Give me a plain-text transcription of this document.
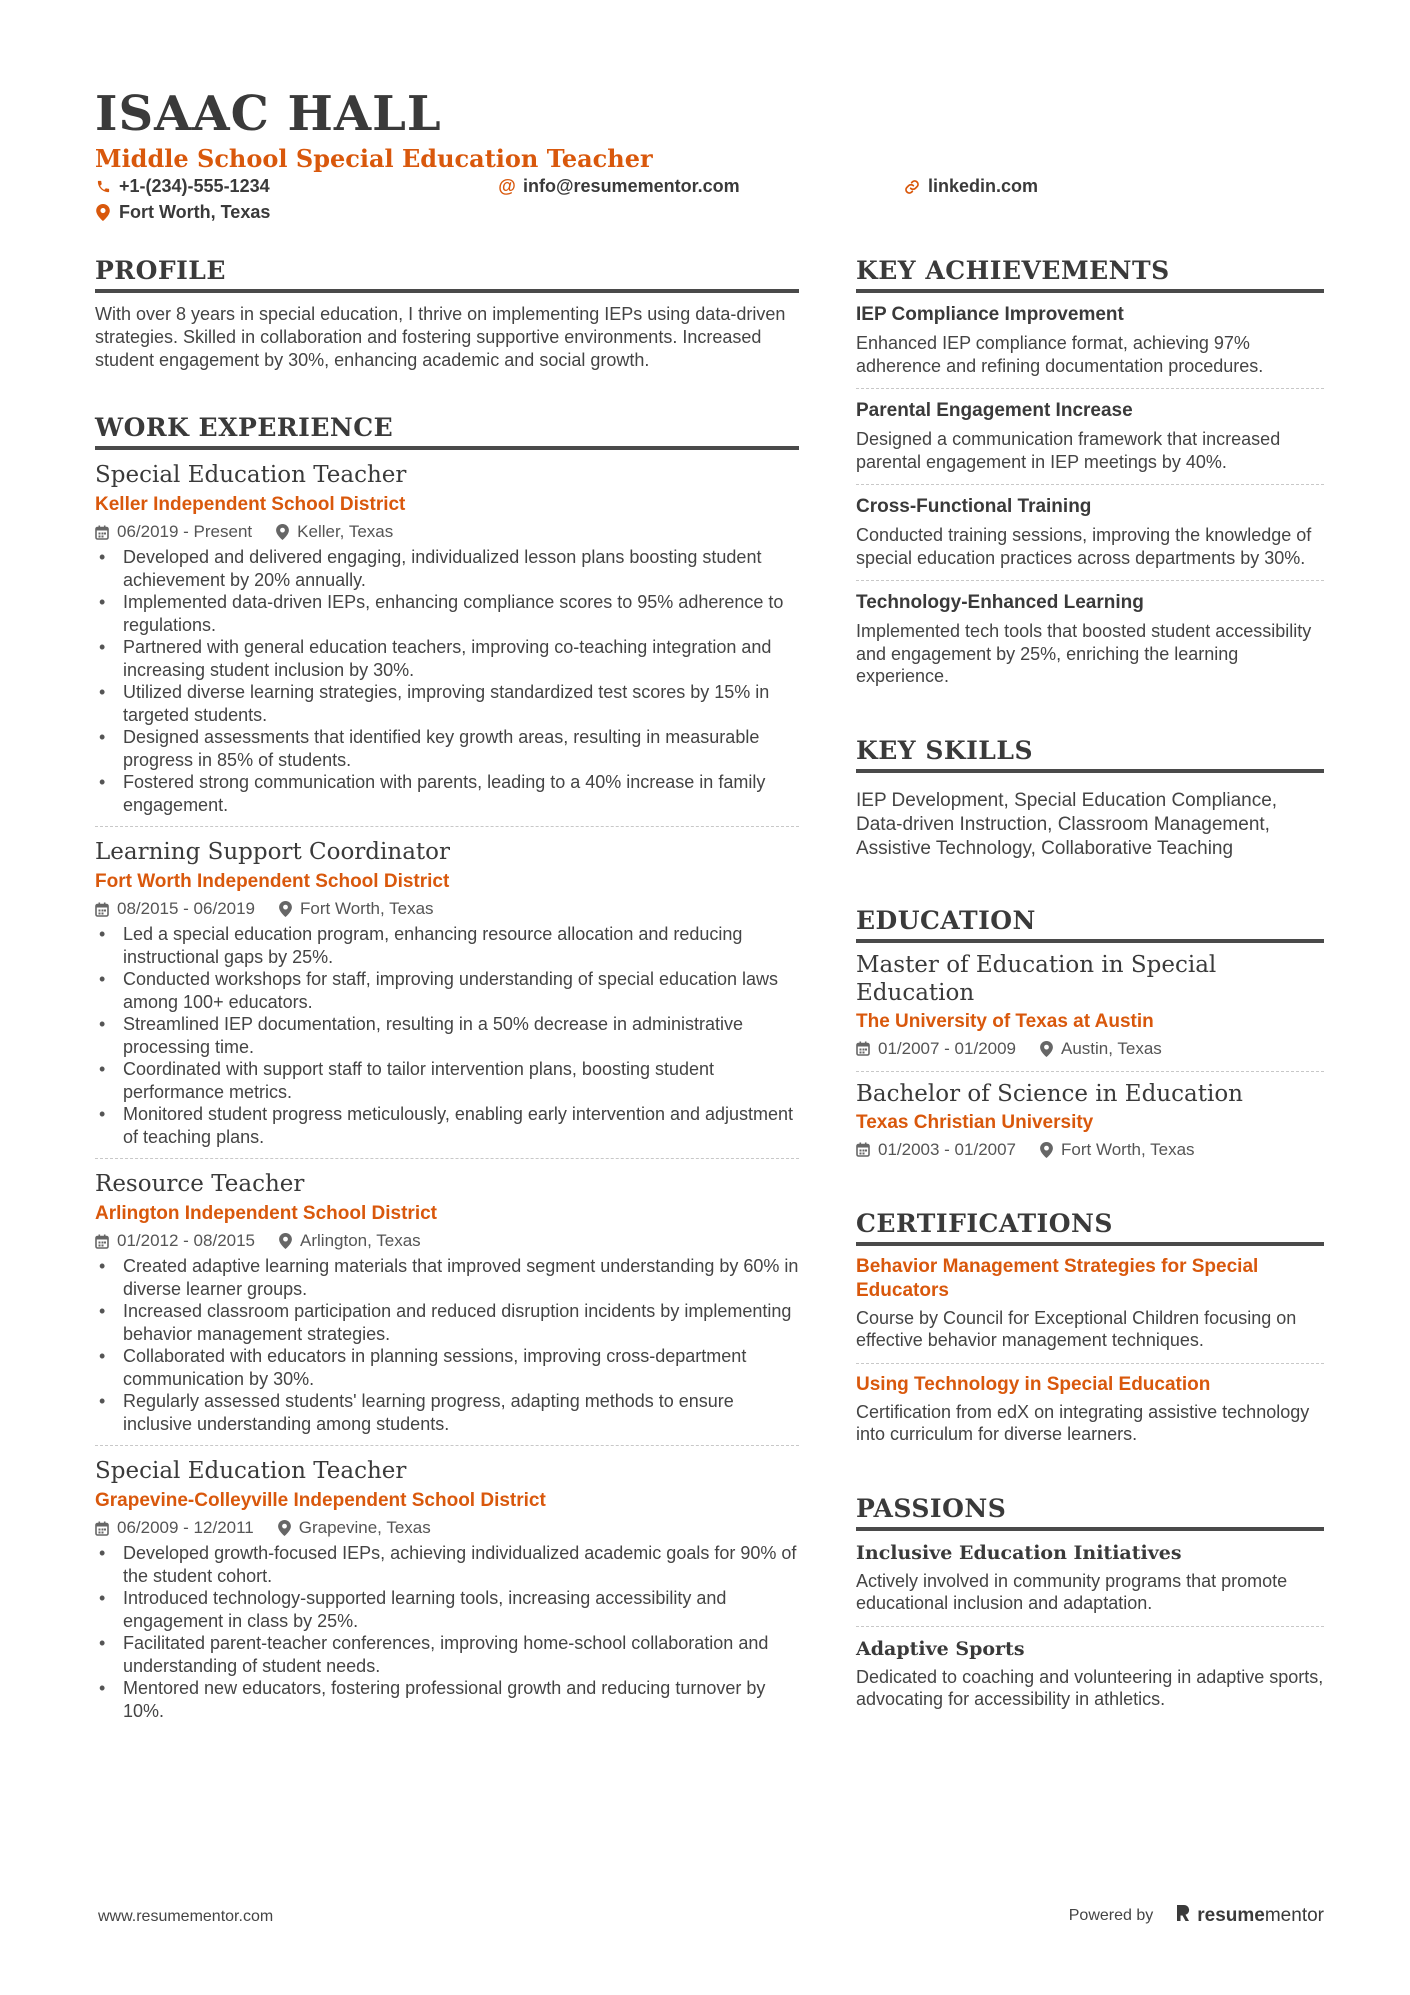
ISAAC HALL
Middle School Special Education Teacher
+1-(234)-555-1234	@ info@resumementor.com	linkedin.com
Fort Worth, Texas
PROFILE
With over 8 years in special education, I thrive on implementing IEPs using data-driven strategies. Skilled in collaboration and fostering supportive environments. Increased student engagement by 30%, enhancing academic and social growth.
WORK EXPERIENCE
Special Education Teacher
Keller Independent School District
06/2019 - Present	Keller, Texas
• Developed and delivered engaging, individualized lesson plans boosting student achievement by 20% annually.
• Implemented data-driven IEPs, enhancing compliance scores to 95% adherence to regulations.
• Partnered with general education teachers, improving co-teaching integration and increasing student inclusion by 30%.
• Utilized diverse learning strategies, improving standardized test scores by 15% in targeted students.
• Designed assessments that identified key growth areas, resulting in measurable progress in 85% of students.
• Fostered strong communication with parents, leading to a 40% increase in family engagement.
Learning Support Coordinator
Fort Worth Independent School District
08/2015 - 06/2019	Fort Worth, Texas
• Led a special education program, enhancing resource allocation and reducing instructional gaps by 25%.
• Conducted workshops for staff, improving understanding of special education laws among 100+ educators.
• Streamlined IEP documentation, resulting in a 50% decrease in administrative processing time.
• Coordinated with support staff to tailor intervention plans, boosting student performance metrics.
• Monitored student progress meticulously, enabling early intervention and adjustment of teaching plans.
Resource Teacher
Arlington Independent School District
01/2012 - 08/2015	Arlington, Texas
• Created adaptive learning materials that improved segment understanding by 60% in diverse learner groups.
• Increased classroom participation and reduced disruption incidents by implementing behavior management strategies.
• Collaborated with educators in planning sessions, improving cross-department communication by 30%.
• Regularly assessed students' learning progress, adapting methods to ensure inclusive understanding among students.
Special Education Teacher
Grapevine-Colleyville Independent School District
06/2009 - 12/2011	Grapevine, Texas
• Developed growth-focused IEPs, achieving individualized academic goals for 90% of the student cohort.
• Introduced technology-supported learning tools, increasing accessibility and engagement in class by 25%.
• Facilitated parent-teacher conferences, improving home-school collaboration and understanding of student needs.
• Mentored new educators, fostering professional growth and reducing turnover by 10%.
KEY ACHIEVEMENTS
IEP Compliance Improvement
Enhanced IEP compliance format, achieving 97% adherence and refining documentation procedures.
Parental Engagement Increase
Designed a communication framework that increased parental engagement in IEP meetings by 40%.
Cross-Functional Training
Conducted training sessions, improving the knowledge of special education practices across departments by 30%.
Technology-Enhanced Learning
Implemented tech tools that boosted student accessibility and engagement by 25%, enriching the learning experience.
KEY SKILLS
IEP Development, Special Education Compliance, Data-driven Instruction, Classroom Management, Assistive Technology, Collaborative Teaching
EDUCATION
Master of Education in Special Education
The University of Texas at Austin
01/2007 - 01/2009	Austin, Texas
Bachelor of Science in Education
Texas Christian University
01/2003 - 01/2007	Fort Worth, Texas
CERTIFICATIONS
Behavior Management Strategies for Special Educators
Course by Council for Exceptional Children focusing on effective behavior management techniques.
Using Technology in Special Education
Certification from edX on integrating assistive technology into curriculum for diverse learners.
PASSIONS
Inclusive Education Initiatives
Actively involved in community programs that promote educational inclusion and adaptation.
Adaptive Sports
Dedicated to coaching and volunteering in adaptive sports, advocating for accessibility in athletics.
www.resumementor.com	Powered by resumementor
